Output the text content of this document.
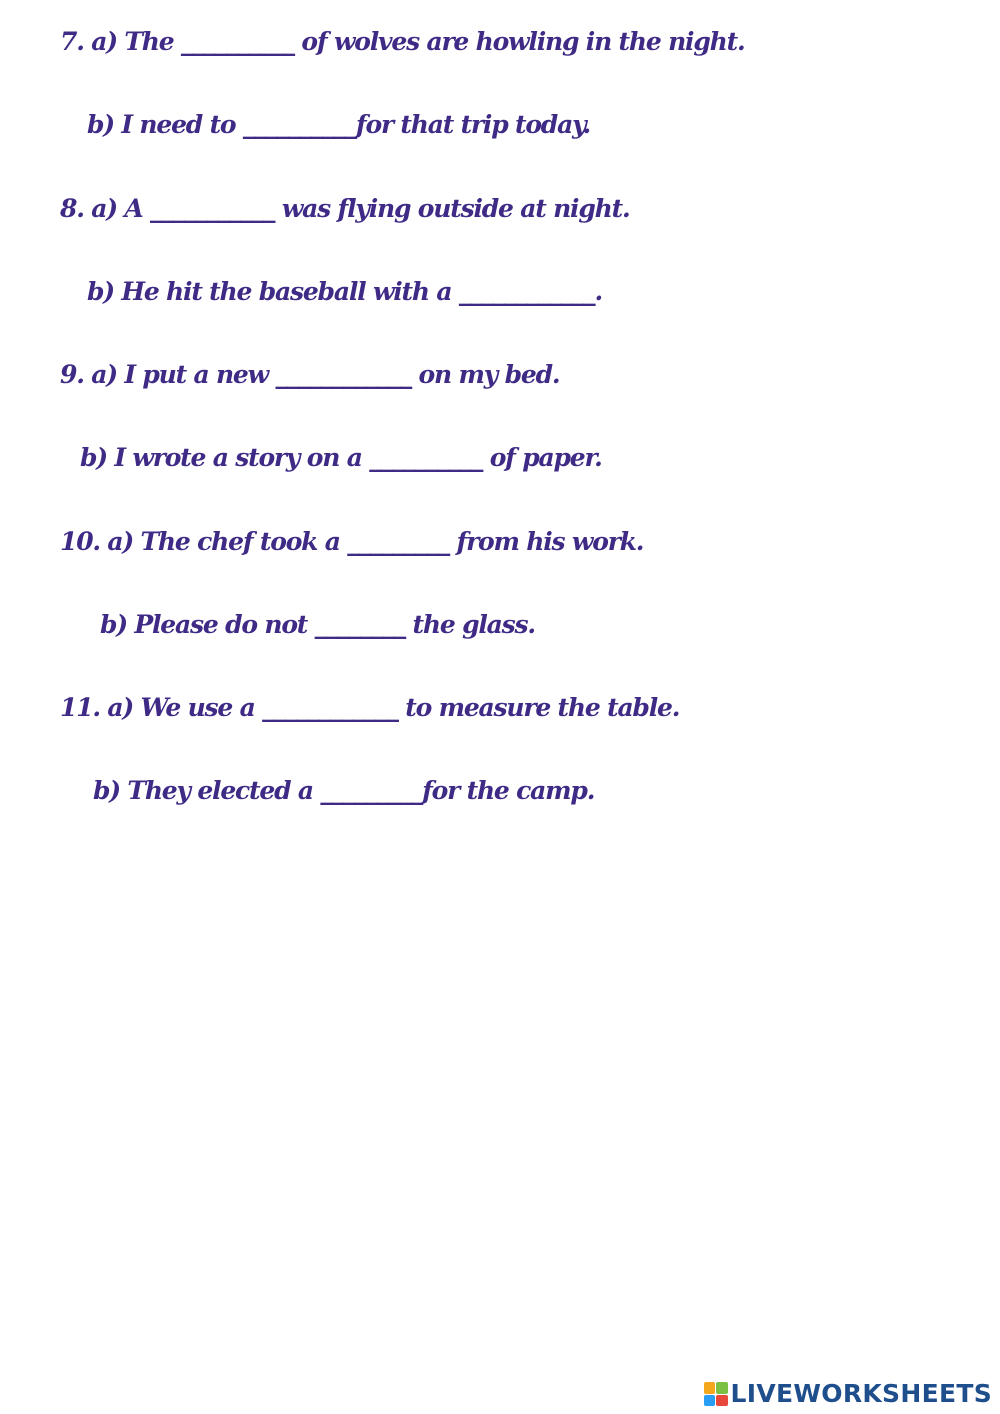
7. a) The __________ of wolves are howling in the night.
b) I need to __________for that trip today.
8. a) A ___________ was flying outside at night.
b) He hit the baseball with a ____________.
9. a) I put a new ____________ on my bed.
b) I wrote a story on a __________ of paper.
10. a) The chef took a _________ from his work.
b) Please do not ________ the glass.
11. a) We use a ____________ to measure the table.
b) They elected a _________for the camp.
LIVEWORKSHEETS
